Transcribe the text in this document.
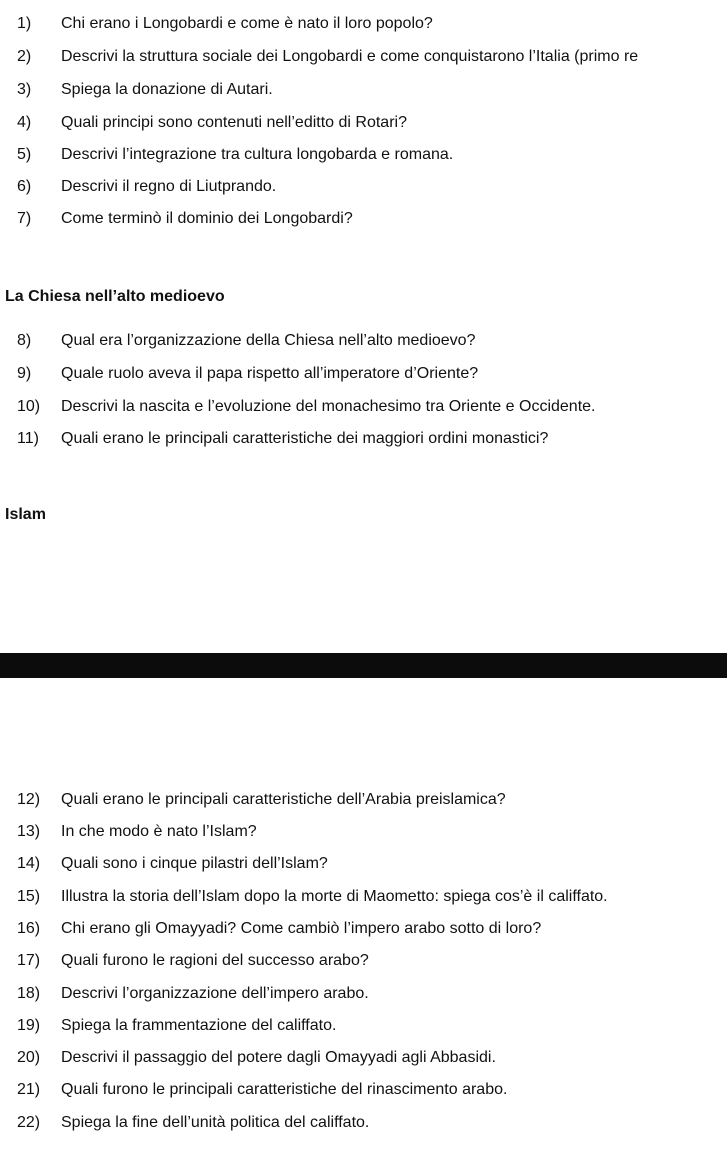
1) Chi erano i Longobardi e come è nato il loro popolo?
2) Descrivi la struttura sociale dei Longobardi e come conquistarono l’Italia (primo re
3) Spiega la donazione di Autari.
4) Quali principi sono contenuti nell’editto di Rotari?
5) Descrivi l’integrazione tra cultura longobarda e romana.
6) Descrivi il regno di Liutprando.
7) Come terminò il dominio dei Longobardi?
La Chiesa nell’alto medioevo
8) Qual era l’organizzazione della Chiesa nell’alto medioevo?
9) Quale ruolo aveva il papa rispetto all’imperatore d’Oriente?
10) Descrivi la nascita e l’evoluzione del monachesimo tra Oriente e Occidente.
11) Quali erano le principali caratteristiche dei maggiori ordini monastici?
Islam
12) Quali erano le principali caratteristiche dell’Arabia preislamica?
13) In che modo è nato l’Islam?
14) Quali sono i cinque pilastri dell’Islam?
15) Illustra la storia dell’Islam dopo la morte di Maometto: spiega cos’è il califfato.
16) Chi erano gli Omayyadi? Come cambiò l’impero arabo sotto di loro?
17) Quali furono le ragioni del successo arabo?
18) Descrivi l’organizzazione dell’impero arabo.
19) Spiega la frammentazione del califfato.
20) Descrivi il passaggio del potere dagli Omayyadi agli Abbasidi.
21) Quali furono le principali caratteristiche del rinascimento arabo.
22) Spiega la fine dell’unità politica del califfato.
